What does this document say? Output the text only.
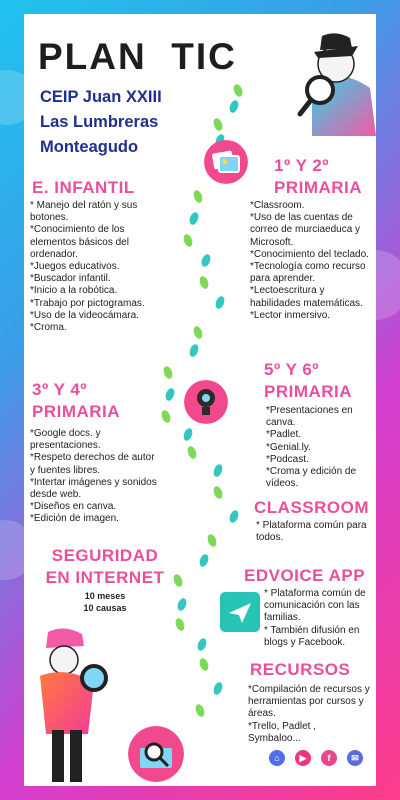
PLAN  TIC
CEIP Juan XXIII
Las Lumbreras
Monteagudo
1º Y 2º
PRIMARIA
*Classroom.
*Uso de las cuentas de correo de murciaeduca y Microsoft.
*Conocimiento del teclado.
*Tecnología como recurso para aprender.
*Lectoescritura y habilidades matemáticas.
*Lector inmersivo.
E. INFANTIL
* Manejo del ratón y sus botones.
*Conocimiento de los elementos básicos del ordenador.
*Juegos educativos.
*Buscador infantil.
*Inicio a la robótica.
*Trabajo por pictogramas.
*Uso de la videocámara.
*Croma.
5º Y 6º
PRIMARIA
*Presentaciones en canva.
*Padlet.
*Genial.ly.
*Podcast.
*Croma y edición de vídeos.
3º Y 4º
PRIMARIA
*Google docs. y presentaciones.
*Respeto derechos de autor y fuentes libres.
*Intertar imágenes y sonidos desde web.
*Diseños en canva.
*Edición de imagen.
CLASSROOM
* Plataforma común para todos.
SEGURIDAD
EN INTERNET
10 meses
10 causas
EDVOICE APP
* Plataforma común de comunicación con las familias.
* También difusión en blogs y Facebook.
RECURSOS
*Compilación de recursos y herramientas por cursos y áreas.
*Trello, Padlet ,
Symbaloo...
⌂	▶	f	✉
